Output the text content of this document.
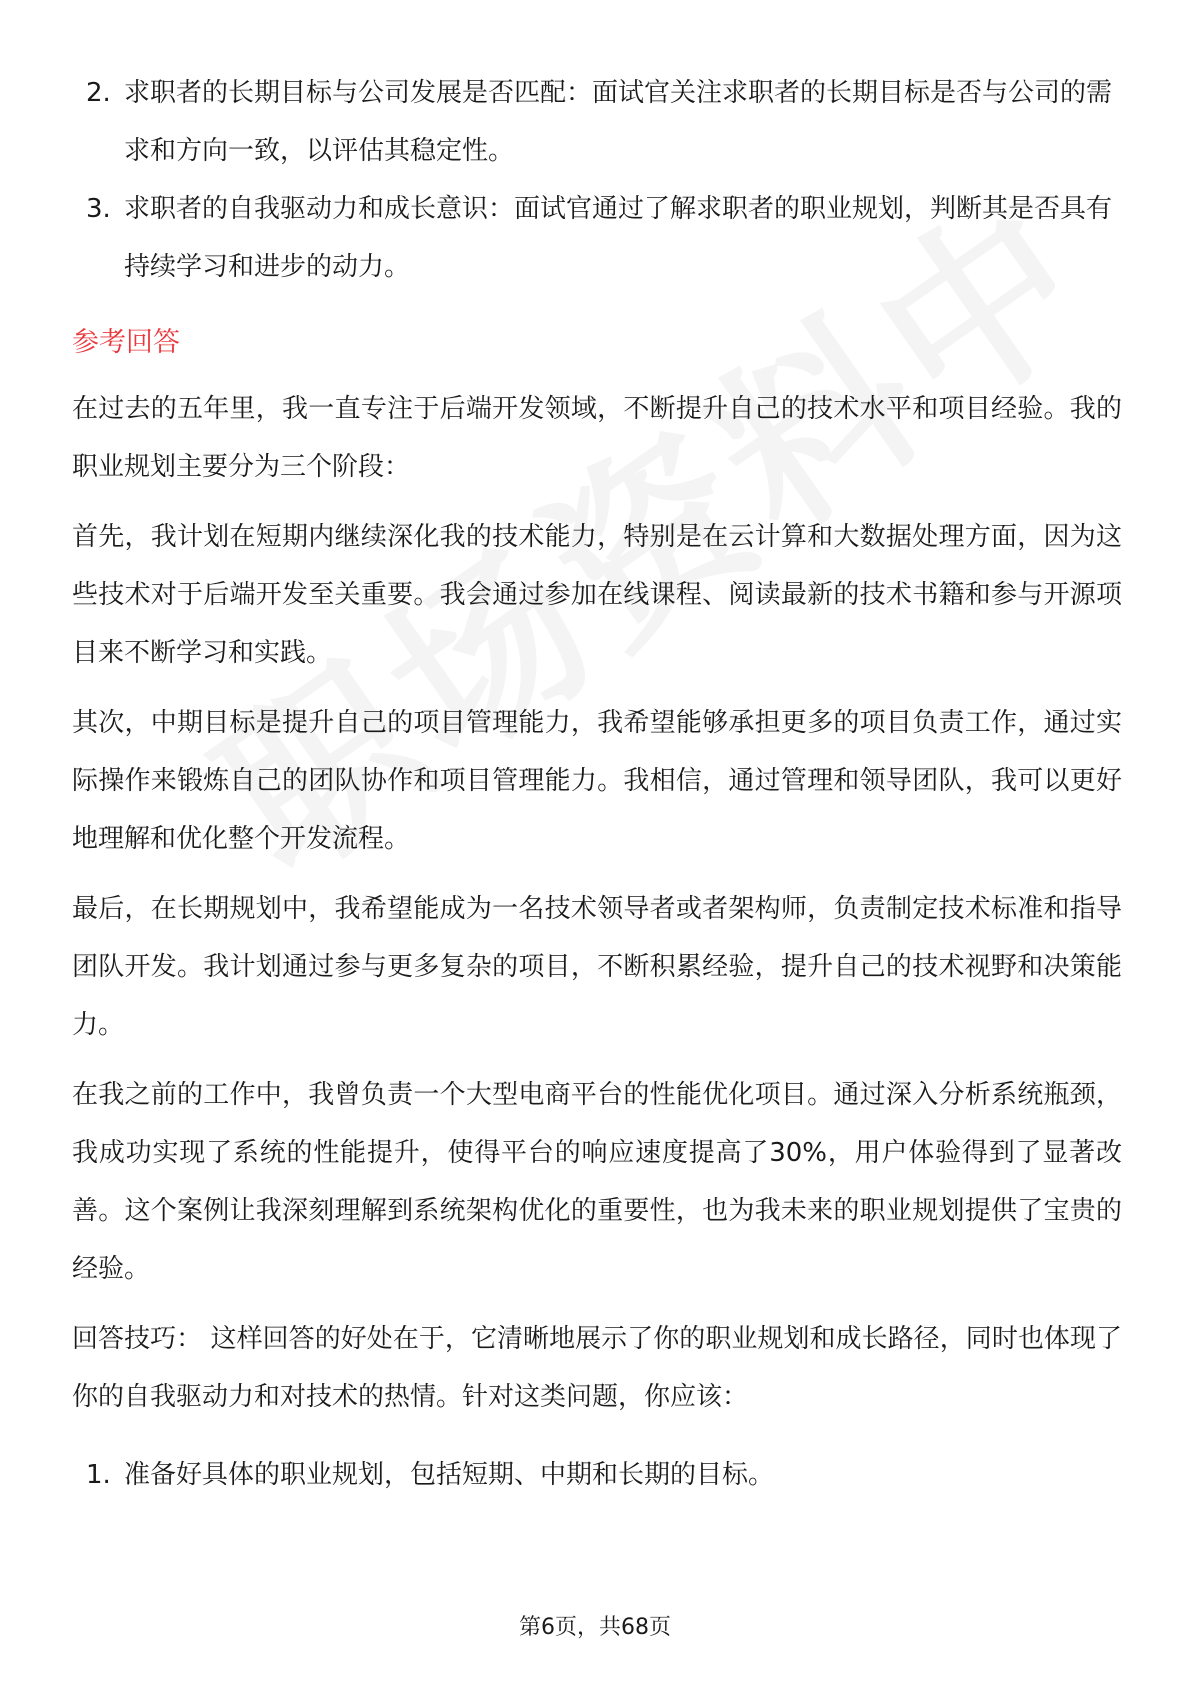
2. 求职者的长期目标与公司发展是否匹配：面试官关注求职者的长期目标是否与公司的需求和方向一致，以评估其稳定性。
3. 求职者的自我驱动力和成长意识：面试官通过了解求职者的职业规划，判断其是否具有持续学习和进步的动力。
参考回答

在过去的五年里，我一直专注于后端开发领域，不断提升自己的技术水平和项目经验。我的职业规划主要分为三个阶段：

首先，我计划在短期内继续深化我的技术能力，特别是在云计算和大数据处理方面，因为这些技术对于后端开发至关重要。我会通过参加在线课程、阅读最新的技术书籍和参与开源项目来不断学习和实践。

其次，中期目标是提升自己的项目管理能力，我希望能够承担更多的项目负责工作，通过实际操作来锻炼自己的团队协作和项目管理能力。我相信，通过管理和领导团队，我可以更好地理解和优化整个开发流程。

最后，在长期规划中，我希望能成为一名技术领导者或者架构师，负责制定技术标准和指导团队开发。我计划通过参与更多复杂的项目，不断积累经验，提升自己的技术视野和决策能力。

在我之前的工作中，我曾负责一个大型电商平台的性能优化项目。通过深入分析系统瓶颈，我成功实现了系统的性能提升，使得平台的响应速度提高了30%，用户体验得到了显著改善。这个案例让我深刻理解到系统架构优化的重要性，也为我未来的职业规划提供了宝贵的经验。

回答技巧： 这样回答的好处在于，它清晰地展示了你的职业规划和成长路径，同时也体现了你的自我驱动力和对技术的热情。针对这类问题，你应该：

1. 准备好具体的职业规划，包括短期、中期和长期的目标。
第6页，共68页
